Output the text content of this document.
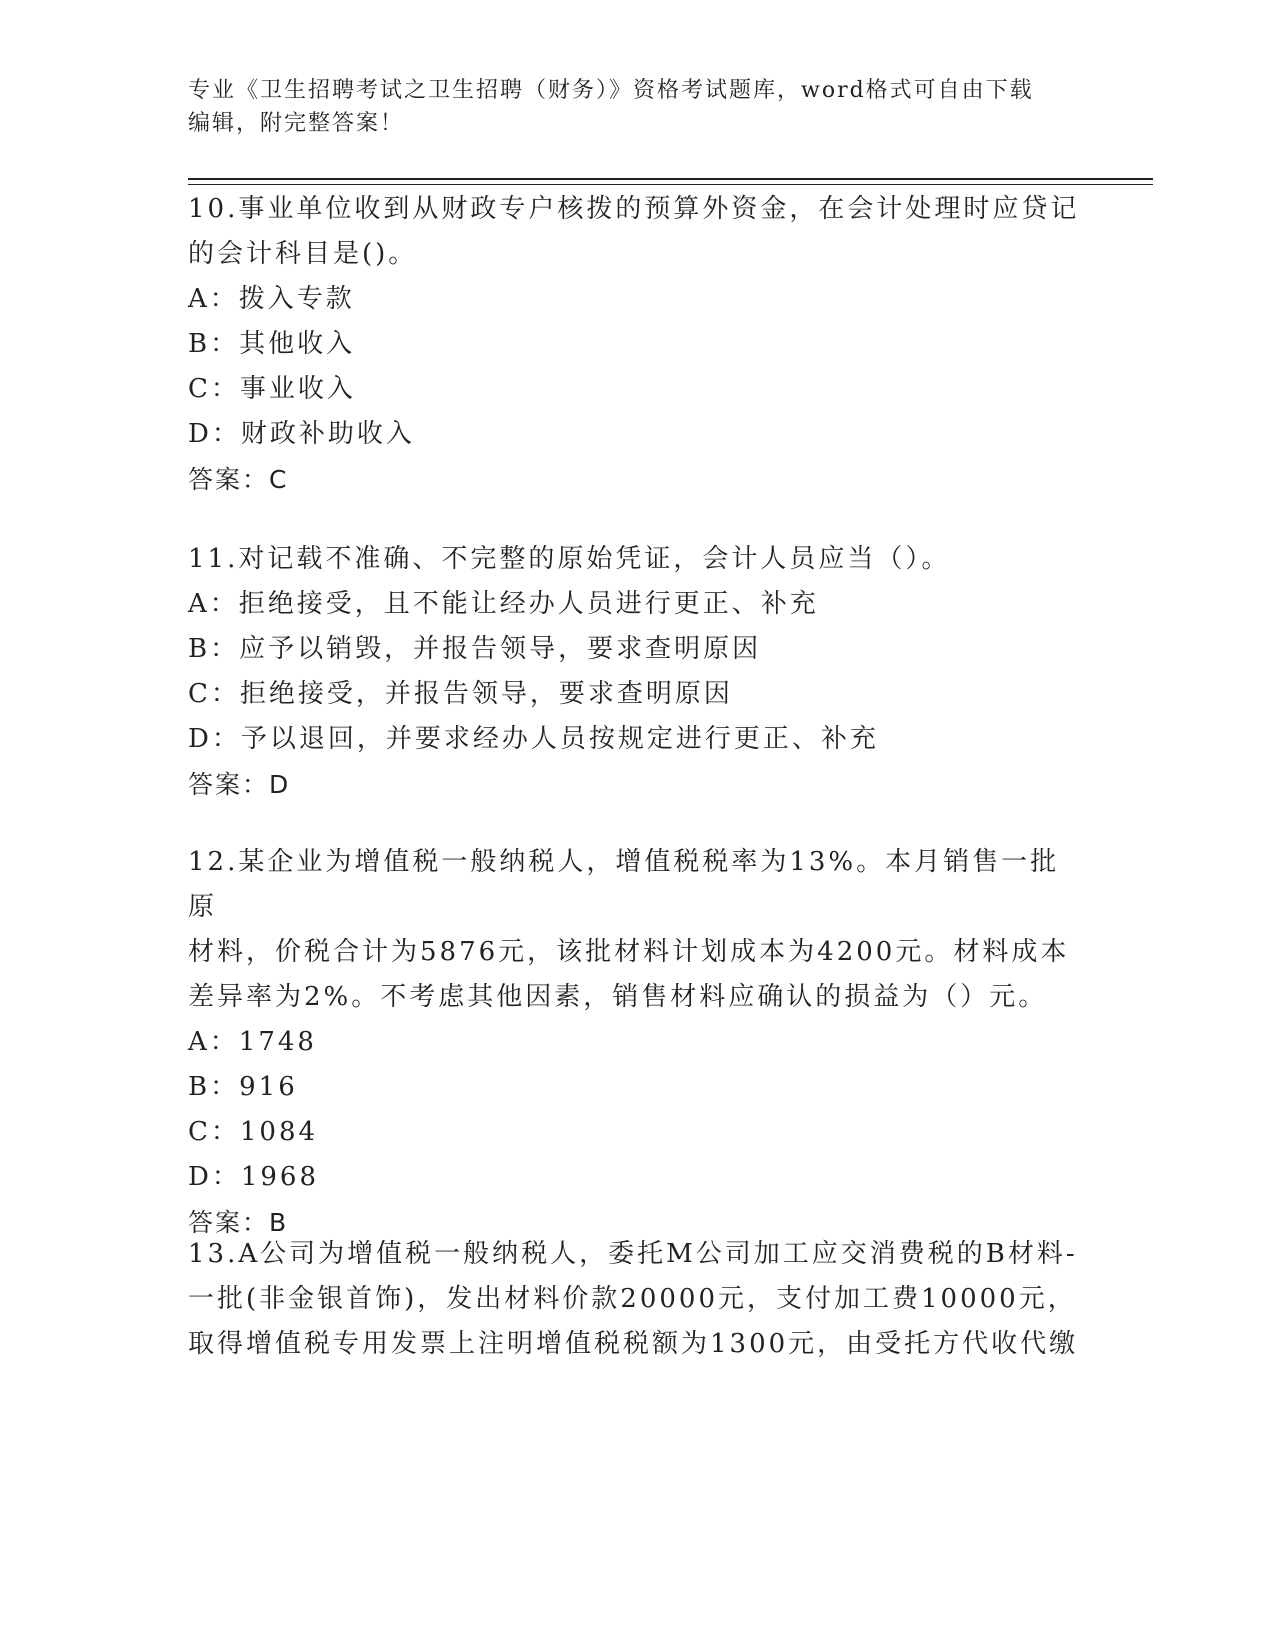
专业《卫生招聘考试之卫生招聘（财务）》资格考试题库，word格式可自由下载
编辑，附完整答案！

10.事业单位收到从财政专户核拨的预算外资金，在会计处理时应贷记

的会计科目是()。

A：拨入专款

B：其他收入

C：事业收入

D：财政补助收入

答案：C

11.对记载不准确、不完整的原始凭证，会计人员应当（）。

A：拒绝接受，且不能让经办人员进行更正、补充

B：应予以销毁，并报告领导，要求查明原因

C：拒绝接受，并报告领导，要求查明原因

D：予以退回，并要求经办人员按规定进行更正、补充

答案：D

12.某企业为增值税一般纳税人，增值税税率为13%。本月销售一批原

材料，价税合计为5876元，该批材料计划成本为4200元。材料成本

差异率为2%。不考虑其他因素，销售材料应确认的损益为（）元。

A：1748

B：916

C：1084

D：1968

答案：B

13.A公司为增值税一般纳税人，委托M公司加工应交消费税的B材料-

一批(非金银首饰)，发出材料价款20000元，支付加工费10000元，

取得增值税专用发票上注明增值税税额为1300元，由受托方代收代缴
